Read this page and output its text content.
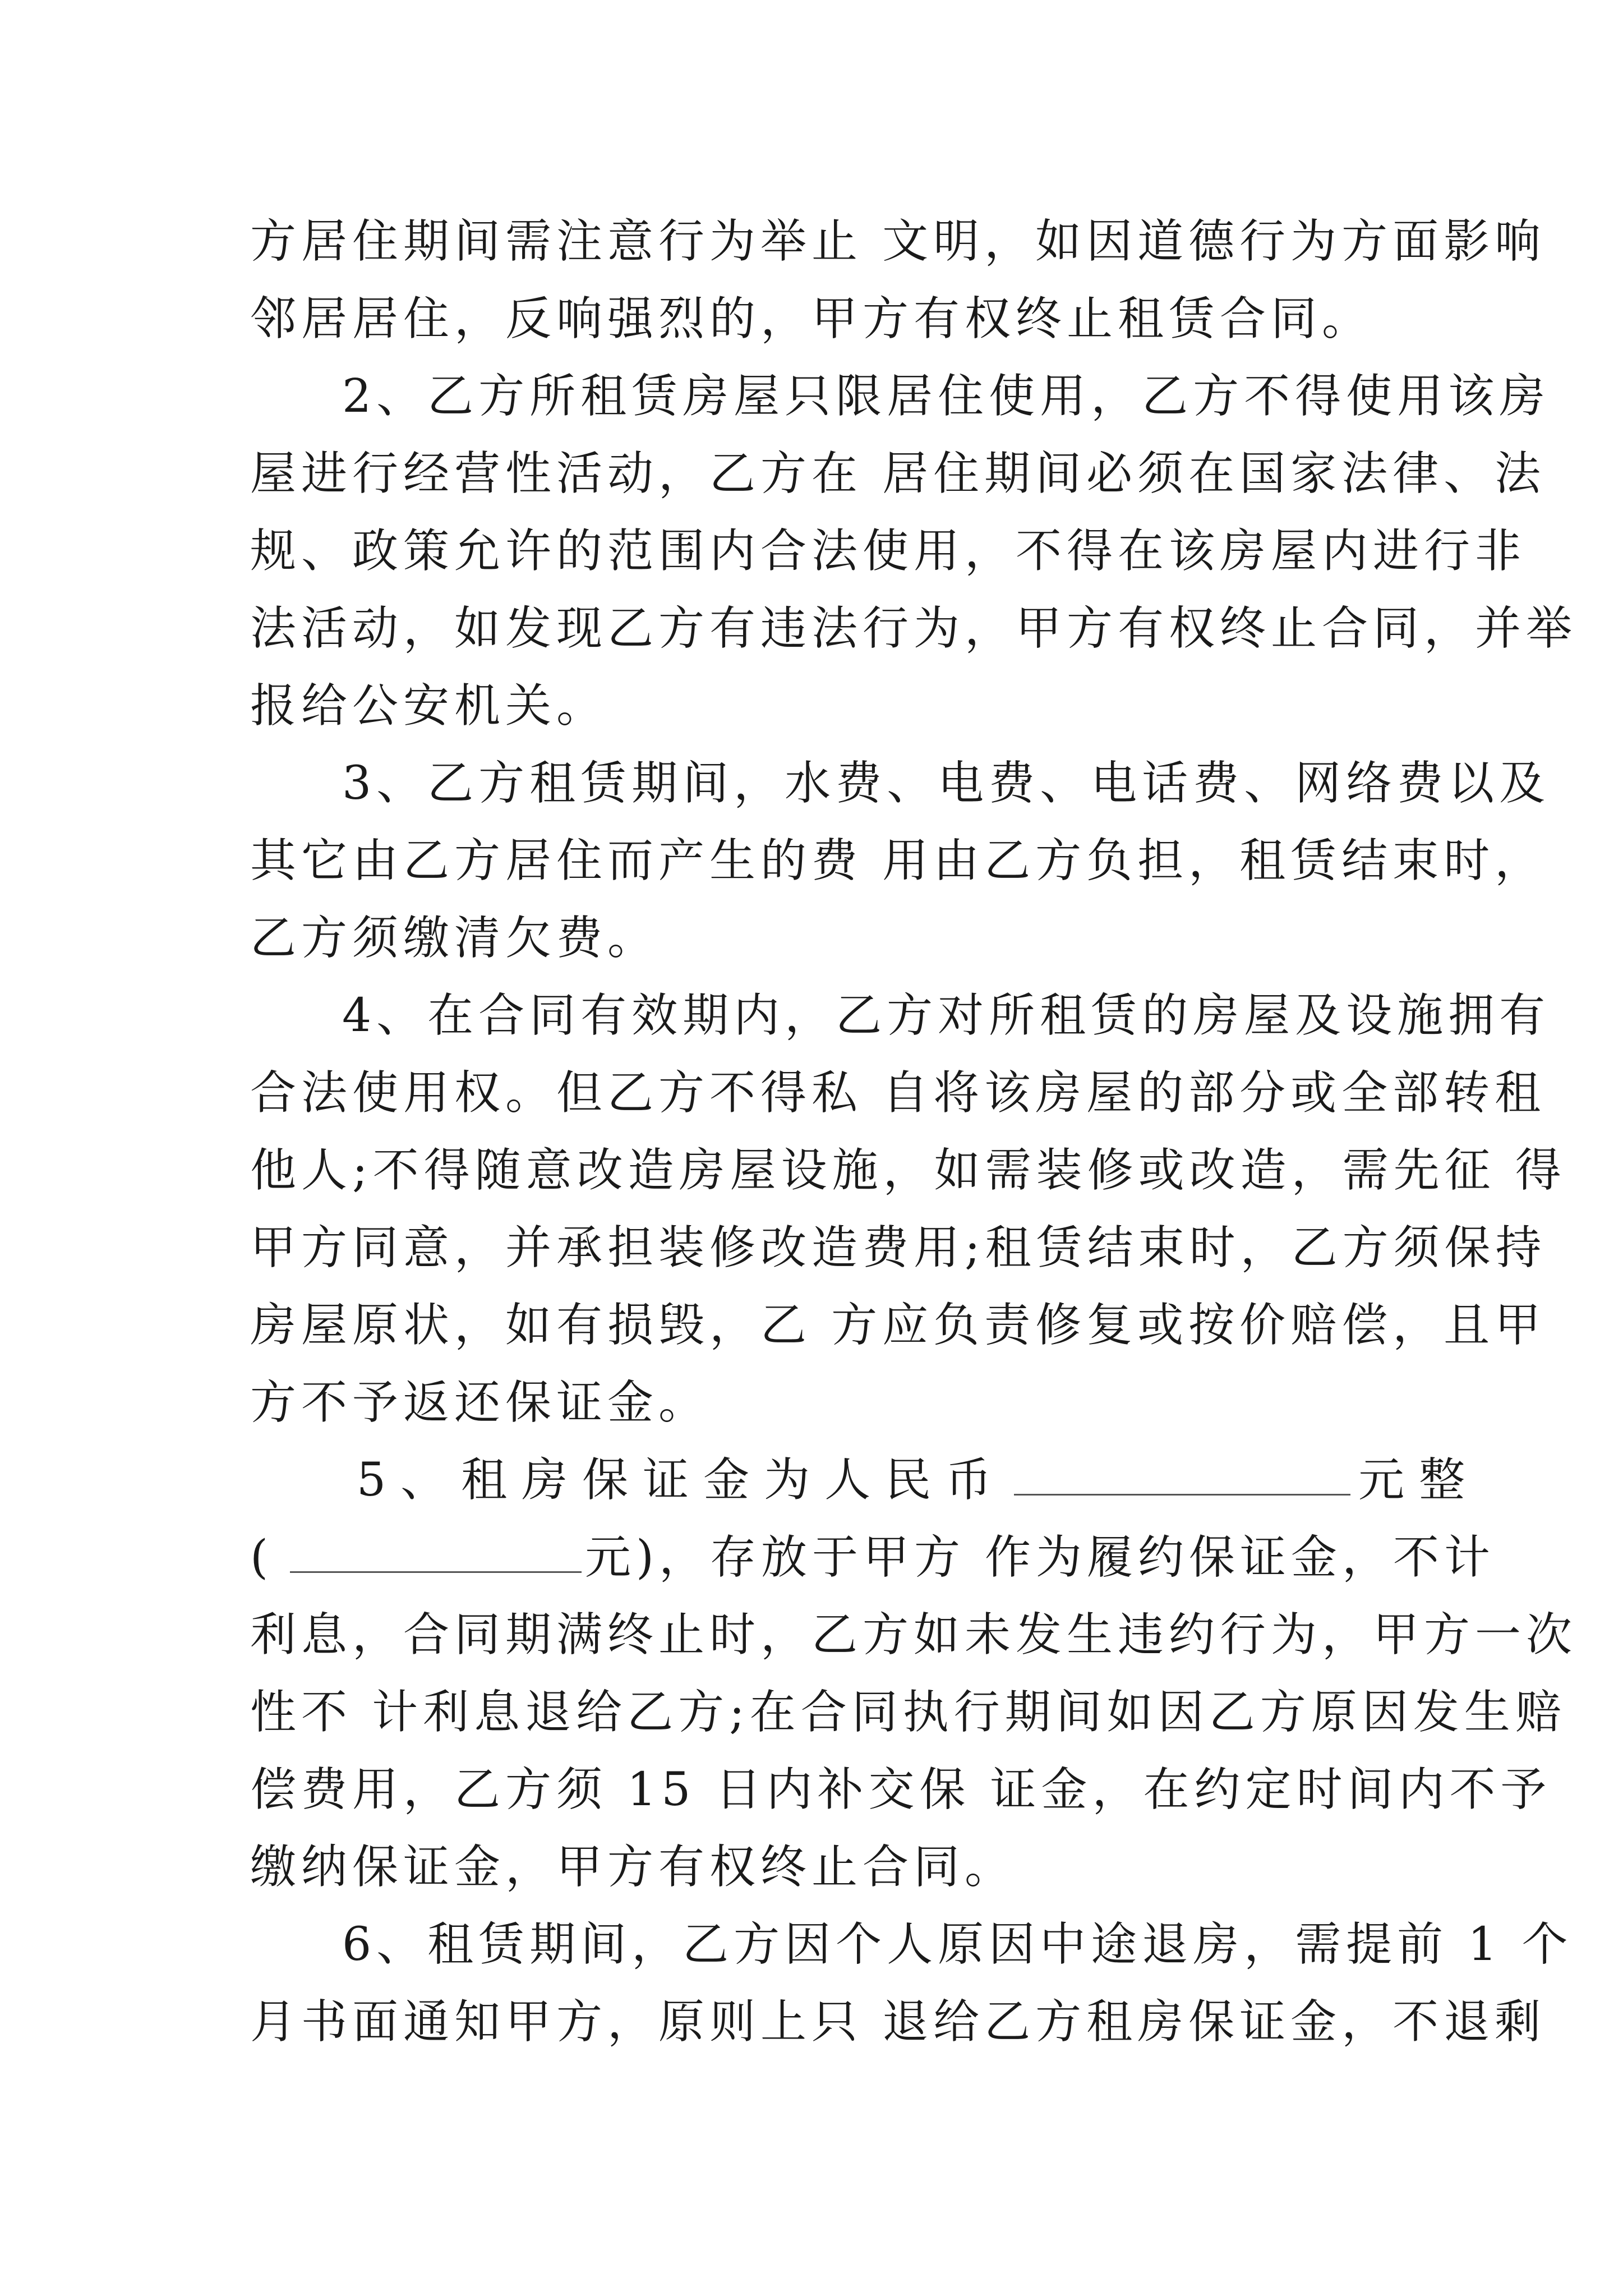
方居住期间需注意行为举止 文明，如因道德行为方面影响
邻居居住，反响强烈的，甲方有权终止租赁合同。
2、乙方所租赁房屋只限居住使用，乙方不得使用该房
屋进行经营性活动，乙方在 居住期间必须在国家法律、法
规、政策允许的范围内合法使用，不得在该房屋内进行非
法活动，如发现乙方有违法行为，甲方有权终止合同，并举
报给公安机关。
3、乙方租赁期间，水费、电费、电话费、网络费以及
其它由乙方居住而产生的费 用由乙方负担，租赁结束时，
乙方须缴清欠费。
4、在合同有效期内，乙方对所租赁的房屋及设施拥有
合法使用权。但乙方不得私 自将该房屋的部分或全部转租
他人;不得随意改造房屋设施，如需装修或改造，需先征 得
甲方同意，并承担装修改造费用;租赁结束时，乙方须保持
房屋原状，如有损毁，乙 方应负责修复或按价赔偿，且甲
方不予返还保证金。
5、租房保证金为人民币	元整
(	元)，存放于甲方 作为履约保证金，不计
利息，合同期满终止时，乙方如未发生违约行为，甲方一次
性不 计利息退给乙方;在合同执行期间如因乙方原因发生赔
偿费用，乙方须 15 日内补交保 证金，在约定时间内不予
缴纳保证金，甲方有权终止合同。
6、租赁期间，乙方因个人原因中途退房，需提前 1 个
月书面通知甲方，原则上只 退给乙方租房保证金，不退剩
